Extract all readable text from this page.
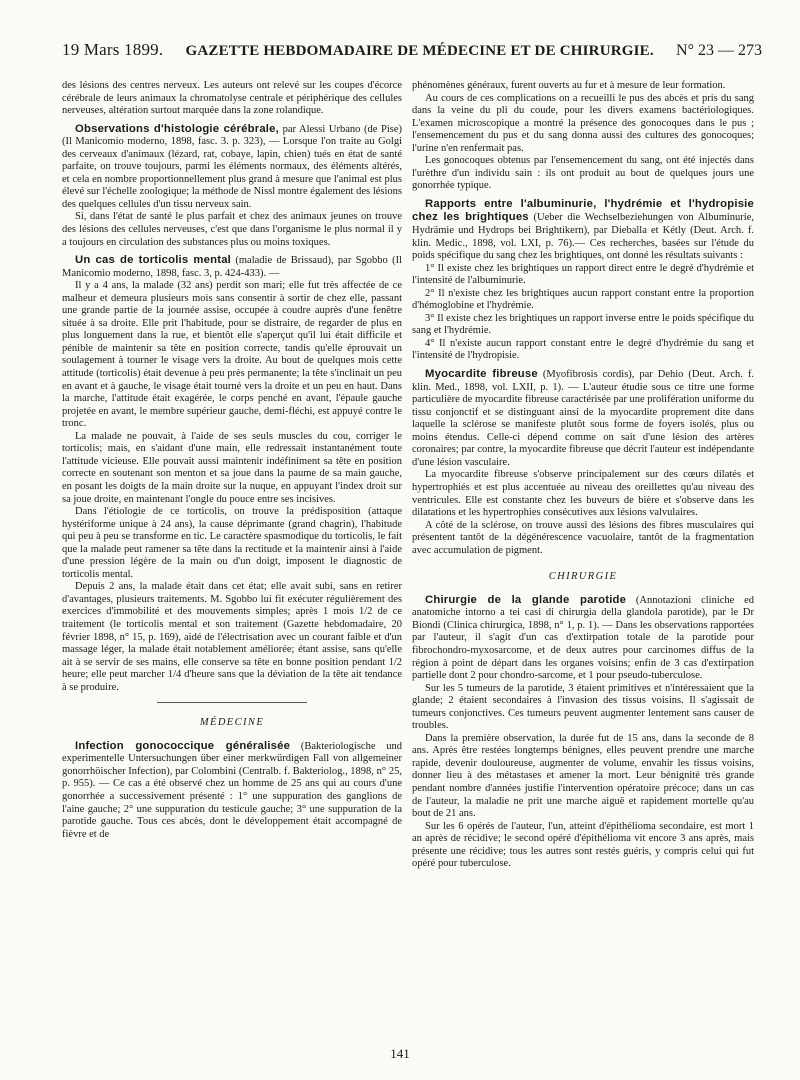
19 Mars 1899. GAZETTE HEBDOMADAIRE DE MÉDECINE ET DE CHIRURGIE. N° 23 — 273

des lésions des centres nerveux. Les auteurs ont relevé sur les coupes d'écorce cérébrale de leurs animaux la chromatolyse centrale et périphérique des cellules nerveuses, altération surtout marquée dans la zone rolandique.

Observations d'histologie cérébrale, par Alessi Urbano (de Pise) (Il Manicomio moderno, 1898, fasc. 3. p. 323), — Lorsque l'on traite au Golgi des cerveaux d'animaux (lézard, rat, cobaye, lapin, chien) tués en état de santé parfaite, on trouve toujours, parmi les éléments normaux, des éléments altérés, et cela en nombre proportionnellement plus grand à mesure que l'animal est plus élevé sur l'échelle zoologique; la méthode de Nissl montre également des lésions des quelques cellules d'un tissu nerveux sain.

Si, dans l'état de santé le plus parfait et chez des animaux jeunes on trouve des lésions des cellules nerveuses, c'est que dans l'organisme le plus normal il y a toujours en circulation des substances plus ou moins toxiques.

Un cas de torticolis mental (maladie de Brissaud), par Sgobbo (Il Manicomio moderno, 1898, fasc. 3, p. 424-433). —

Il y a 4 ans, la malade (32 ans) perdit son mari; elle fut très affectée de ce malheur et demeura plusieurs mois sans consentir à sortir de chez elle, passant une grande partie de la journée assise, occupée à coudre auprès d'une fenêtre située à sa droite. Elle prit l'habitude, pour se distraire, de regarder de plus en plus longuement dans la rue, et bientôt elle s'aperçut qu'il lui était difficile et pénible de maintenir sa tête en position correcte, tandis qu'elle éprouvait un soulagement à tourner le visage vers la droite. Au bout de quelques mois cette attitude (torticolis) était devenue à peu près permanente; la tête s'inclinait un peu en avant et à gauche, le visage était tourné vers la droite et un peu en haut. Dans la marche, l'attitude était exagérée, le corps penché en avant, l'épaule gauche projetée en avant, le membre supérieur gauche, demi-fléchi, est appuyé contre le tronc.

La malade ne pouvait, à l'aide de ses seuls muscles du cou, corriger le torticolis; mais, en s'aidant d'une main, elle redressait instantanément toute l'attitude vicieuse. Elle pouvait aussi maintenir indéfiniment sa tête en position correcte en soutenant son menton et sa joue dans la paume de sa main gauche, en posant les doigts de la main droite sur la nuque, en appuyant l'index droit sur sa joue droite, en maintenant l'ongle du pouce entre ses incisives.

Dans l'étiologie de ce torticolis, on trouve la prédisposition (attaque hystériforme unique à 24 ans), la cause déprimante (grand chagrin), l'habitude qui peu à peu se transforme en tic. Le caractère spasmodique du torticolis, le fait que la malade peut ramener sa tête dans la rectitude et la maintenir ainsi à l'aide d'une pression légère de la main ou d'un doigt, imposent le diagnostic de torticolis mental.

Depuis 2 ans, la malade était dans cet état; elle avait subi, sans en retirer d'avantages, plusieurs traitements. M. Sgobbo lui fit exécuter régulièrement des exercices d'immobilité et des mouvements simples; après 1 mois 1/2 de ce traitement (le torticolis mental et son traitement (Gazette hebdomadaire, 20 février 1898, n° 15, p. 169), aidé de l'électrisation avec un courant faible et d'un massage léger, la malade était notablement améliorée; étant assise, sans qu'elle ait à se servir de ses mains, elle conserve sa tête en bonne position pendant 1/2 heure; elle peut marcher 1/4 d'heure sans que la déviation de la tête ait tendance à se produire.

MÉDECINE

Infection gonococcique généralisée (Bakteriologische und experimentelle Untersuchungen über einer merkwürdigen Fall von allgemeiner gonorrhöischer Infection), par Colombini (Centralb. f. Bakteriolog., 1898, n° 25, p. 955). — Ce cas a été observé chez un homme de 25 ans qui au cours d'une gonorrhée a successivement présenté : 1° une suppuration des ganglions de l'aine gauche; 2° une suppuration du testicule gauche; 3° une suppuration de la parotide gauche. Tous ces abcès, dont le développement était accompagné de fièvre et de

phénomènes généraux, furent ouverts au fur et à mesure de leur formation.

Au cours de ces complications on a recueilli le pus des abcès et pris du sang dans la veine du pli du coude, pour les divers examens bactériologiques. L'examen microscopique a montré la présence des gonocoques dans le pus ; l'ensemencement du pus et du sang donna aussi des cultures des gonocoques; l'urine n'en renfermait pas.

Les gonocoques obtenus par l'ensemencement du sang, ont été injectés dans l'urèthre d'un individu sain : ils ont produit au bout de quelques jours une gonorrhée typique.

Rapports entre l'albuminurie, l'hydrémie et l'hydropisie chez les brightiques (Ueber die Wechselbeziehungen von Albuminurie, Hydrämie und Hydrops bei Brightikern), par Dieballa et Kétly (Deut. Arch. f. klin. Medic., 1898, vol. LXI, p. 76).— Ces recherches, basées sur l'étude du poids spécifique du sang chez les brightiques, ont donné les résultats suivants :

1° Il existe chez les brightiques un rapport direct entre le degré d'hydrémie et l'intensité de l'albuminurie.

2° Il n'existe chez les brightiques aucun rapport constant entre la proportion d'hémoglobine et l'hydrémie.

3° Il existe chez les brightiques un rapport inverse entre le poids spécifique du sang et l'hydrémie.

4° Il n'existe aucun rapport constant entre le degré d'hydrémie du sang et l'intensité de l'hydropisie.

Myocardite fibreuse (Myofibrosis cordis), par Dehio (Deut. Arch. f. klin. Med., 1898, vol. LXII, p. 1). — L'auteur étudie sous ce titre une forme particulière de myocardite fibreuse caractérisée par une prolifération uniforme du tissu conjonctif et se distinguant ainsi de la myocardite proprement dite dans laquelle la sclérose se manifeste plutôt sous forme de foyers isolés, plus ou moins étendus. Celle-ci dépend comme on sait d'une lésion des artères coronaires; par contre, la myocardite fibreuse que décrit l'auteur est indépendante d'une lésion vasculaire.

La myocardite fibreuse s'observe principalement sur des cœurs dilatés et hypertrophiés et est plus accentuée au niveau des oreillettes qu'au niveau des ventricules. Elle est constante chez les buveurs de bière et s'observe dans les dilatations et les hypertrophies consécutives aux lésions valvulaires.

A côté de la sclérose, on trouve aussi des lésions des fibres musculaires qui présentent tantôt de la dégénérescence vacuolaire, tantôt de la fragmentation avec accumulation de pigment.

CHIRURGIE

Chirurgie de la glande parotide (Annotazioni cliniche ed anatomiche intorno a tei casi di chirurgia della glandola parotide), par le Dr Biondi (Clinica chirurgica, 1898, n° 1, p. 1). — Dans les observations rapportées par l'auteur, il s'agit d'un cas d'extirpation totale de la parotide pour fibrochondro-myxosarcome, et de deux autres pour carcinomes diffus de la région à point de départ dans les organes voisins; enfin de 3 cas d'extirpation partielle dont 2 pour chondro-sarcome, et 1 pour pseudo-tuberculose.

Sur les 5 tumeurs de la parotide, 3 étaient primitives et n'intéressaient que la glande; 2 étaient secondaires à l'invasion des tissus voisins. Il s'agissait de tumeurs conjonctives. Ces tumeurs peuvent augmenter lentement sans causer de troubles.

Dans la première observation, la durée fut de 15 ans, dans la seconde de 8 ans. Après être restées longtemps bénignes, elles peuvent prendre une marche rapide, devenir douloureuse, augmenter de volume, envahir les tissus voisins, donner lieu à des métastases et amener la mort. Leur bénignité très grande pendant nombre d'années justifie l'intervention opératoire précoce; dans un cas de l'auteur, la maladie ne prit une marche aiguë et rapidement mortelle qu'au bout de 21 ans.

Sur les 6 opérés de l'auteur, l'un, atteint d'épithélioma secondaire, est mort 1 an après de récidive; le second opéré d'épithélioma vit encore 3 ans après, mais présente une récidive; tous les autres sont restés guéris, y compris celui qui fut opéré pour tuberculose.

141
